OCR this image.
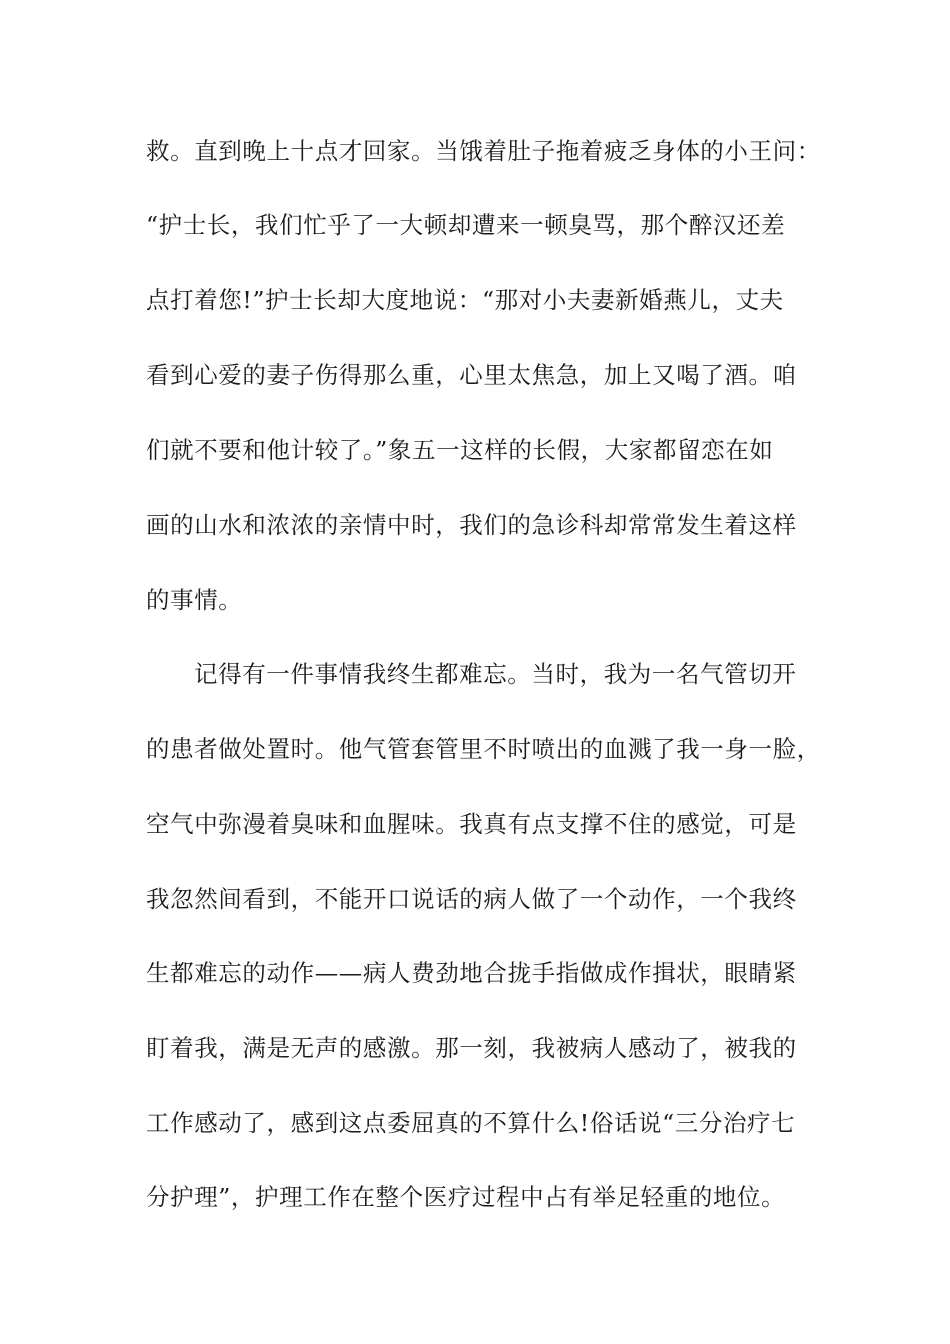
救。直到晚上十点才回家。当饿着肚子拖着疲乏身体的小王问：
“护士长，我们忙乎了一大顿却遭来一顿臭骂，那个醉汉还差
点打着您!”护士长却大度地说：“那对小夫妻新婚燕儿，丈夫
看到心爱的妻子伤得那么重，心里太焦急，加上又喝了酒。咱
们就不要和他计较了。”象五一这样的长假，大家都留恋在如
画的山水和浓浓的亲情中时，我们的急诊科却常常发生着这样
的事情。
记得有一件事情我终生都难忘。当时，我为一名气管切开
的患者做处置时。他气管套管里不时喷出的血溅了我一身一脸，
空气中弥漫着臭味和血腥味。我真有点支撑不住的感觉，可是
我忽然间看到，不能开口说话的病人做了一个动作，一个我终
生都难忘的动作——病人费劲地合拢手指做成作揖状，眼睛紧
盯着我，满是无声的感激。那一刻，我被病人感动了，被我的
工作感动了，感到这点委屈真的不算什么!俗话说“三分治疗七
分护理”，护理工作在整个医疗过程中占有举足轻重的地位。
